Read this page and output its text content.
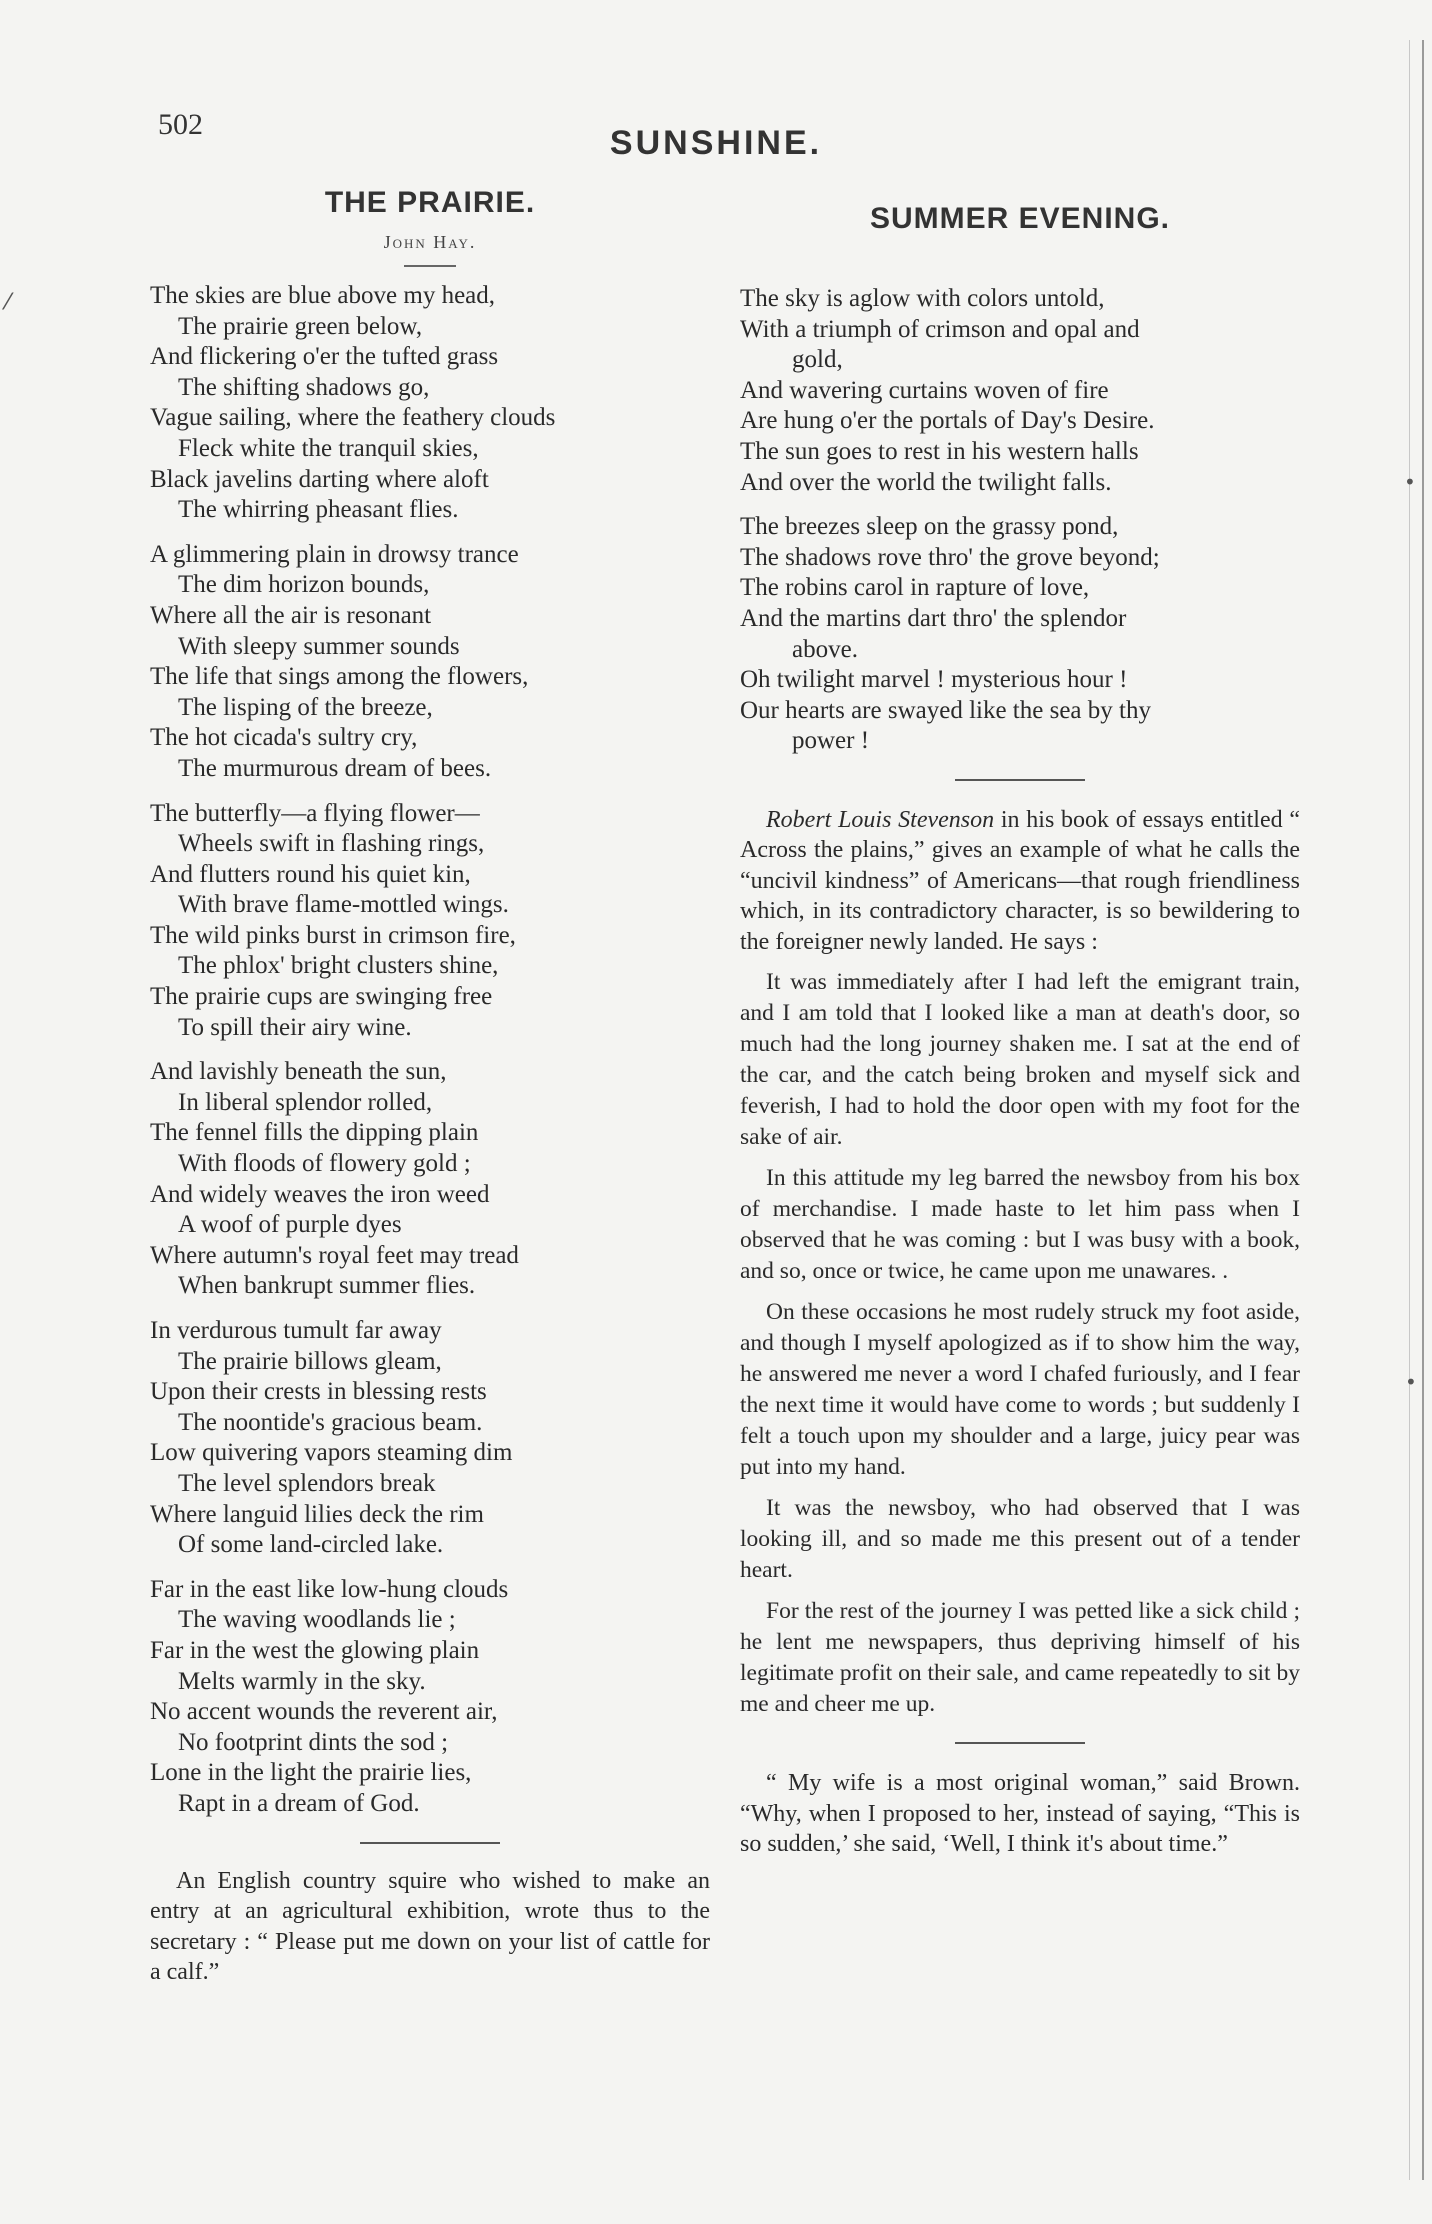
⁄
•
•
502	SUNSHINE.
THE PRAIRIE.
John Hay.
The skies are blue above my head,
The prairie green below,
And flickering o'er the tufted grass
The shifting shadows go,
Vague sailing, where the feathery clouds
Fleck white the tranquil skies,
Black javelins darting where aloft
The whirring pheasant flies.
A glimmering plain in drowsy trance
The dim horizon bounds,
Where all the air is resonant
With sleepy summer sounds
The life that sings among the flowers,
The lisping of the breeze,
The hot cicada's sultry cry,
The murmurous dream of bees.
The butterfly—a flying flower—
Wheels swift in flashing rings,
And flutters round his quiet kin,
With brave flame-mottled wings.
The wild pinks burst in crimson fire,
The phlox' bright clusters shine,
The prairie cups are swinging free
To spill their airy wine.
And lavishly beneath the sun,
In liberal splendor rolled,
The fennel fills the dipping plain
With floods of flowery gold ;
And widely weaves the iron weed
A woof of purple dyes
Where autumn's royal feet may tread
When bankrupt summer flies.
In verdurous tumult far away
The prairie billows gleam,
Upon their crests in blessing rests
The noontide's gracious beam.
Low quivering vapors steaming dim
The level splendors break
Where languid lilies deck the rim
Of some land-circled lake.
Far in the east like low-hung clouds
The waving woodlands lie ;
Far in the west the glowing plain
Melts warmly in the sky.
No accent wounds the reverent air,
No footprint dints the sod ;
Lone in the light the prairie lies,
Rapt in a dream of God.

An English country squire who wished to make an entry at an agricultural exhibition, wrote thus to the secretary : “ Please put me down on your list of cattle for a calf.”

SUMMER EVENING.
The sky is aglow with colors untold,
With a triumph of crimson and opal and
gold,
And wavering curtains woven of fire
Are hung o'er the portals of Day's Desire.
The sun goes to rest in his western halls
And over the world the twilight falls.
The breezes sleep on the grassy pond,
The shadows rove thro' the grove beyond;
The robins carol in rapture of love,
And the martins dart thro' the splendor
above.
Oh twilight marvel ! mysterious hour !
Our hearts are swayed like the sea by thy
power !

Robert Louis Stevenson in his book of essays entitled “ Across the plains,” gives an example of what he calls the “uncivil kindness” of Americans—that rough friendliness which, in its contradictory character, is so bewildering to the foreigner newly landed. He says :

It was immediately after I had left the emigrant train, and I am told that I looked like a man at death's door, so much had the long journey shaken me. I sat at the end of the car, and the catch being broken and myself sick and feverish, I had to hold the door open with my foot for the sake of air.

In this attitude my leg barred the newsboy from his box of merchandise. I made haste to let him pass when I observed that he was coming : but I was busy with a book, and so, once or twice, he came upon me unawares. .

On these occasions he most rudely struck my foot aside, and though I myself apologized as if to show him the way, he answered me never a word I chafed furiously, and I fear the next time it would have come to words ; but suddenly I felt a touch upon my shoulder and a large, juicy pear was put into my hand.

It was the newsboy, who had observed that I was looking ill, and so made me this present out of a tender heart.

For the rest of the journey I was petted like a sick child ; he lent me newspapers, thus depriving himself of his legitimate profit on their sale, and came repeatedly to sit by me and cheer me up.

“ My wife is a most original woman,” said Brown. “Why, when I proposed to her, instead of saying, “This is so sudden,’ she said, ‘Well, I think it's about time.”
